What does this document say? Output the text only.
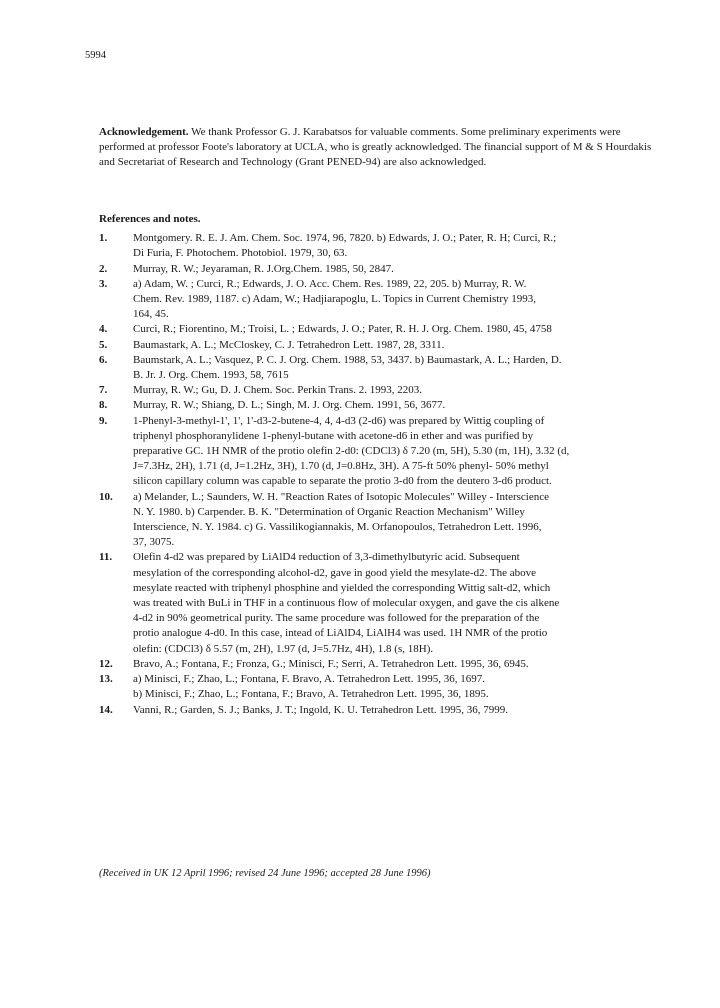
5994
Acknowledgement. We thank Professor G. J. Karabatsos for valuable comments. Some preliminary experiments were performed at professor Foote's laboratory at UCLA, who is greatly acknowledged. The financial support of M & S Hourdakis and Secretariat of Research and Technology (Grant PENED-94) are also acknowledged.
References and notes.
1.	Montgomery. R. E. J. Am. Chem. Soc. 1974, 96, 7820. b) Edwards, J. O.; Pater, R. H; Curci, R.;
Di Furia, F. Photochem. Photobiol. 1979, 30, 63.
2.	Murray, R. W.; Jeyaraman, R. J.Org.Chem. 1985, 50, 2847.
3.	a) Adam, W. ; Curci, R.; Edwards, J. O. Acc. Chem. Res. 1989, 22, 205. b) Murray, R. W.
Chem. Rev. 1989, 1187. c) Adam, W.; Hadjiarapoglu, L. Topics in Current Chemistry 1993,
164, 45.
4.	Curci, R.; Fiorentino, M.; Troisi, L. ; Edwards, J. O.; Pater, R. H. J. Org. Chem. 1980, 45, 4758
5.	Baumastark, A. L.; McCloskey, C. J. Tetrahedron Lett. 1987, 28, 3311.
6.	Baumstark, A. L.; Vasquez, P. C. J. Org. Chem. 1988, 53, 3437. b) Baumastark, A. L.; Harden, D.
B. Jr. J. Org. Chem. 1993, 58, 7615
7.	Murray, R. W.; Gu, D. J. Chem. Soc. Perkin Trans. 2. 1993, 2203.
8.	Murray, R. W.; Shiang, D. L.; Singh, M. J. Org. Chem. 1991, 56, 3677.
9.	1-Phenyl-3-methyl-1', 1', 1'-d3-2-butene-4, 4, 4-d3 (2-d6) was prepared by Wittig coupling of
triphenyl phosphoranylidene 1-phenyl-butane with acetone-d6 in ether and was purified by
preparative GC. 1H NMR of the protio olefin 2-d0: (CDCl3) δ 7.20 (m, 5H), 5.30 (m, 1H), 3.32 (d,
J=7.3Hz, 2H), 1.71 (d, J=1.2Hz, 3H), 1.70 (d, J=0.8Hz, 3H). A 75-ft 50% phenyl- 50% methyl
silicon capillary column was capable to separate the protio 3-d0 from the deutero 3-d6 product.
10.	a) Melander, L.; Saunders, W. H. "Reaction Rates of Isotopic Molecules" Willey - Interscience
N. Y. 1980. b) Carpender. B. K. "Determination of Organic Reaction Mechanism" Willey
Interscience, N. Y. 1984. c) G. Vassilikogiannakis, M. Orfanopoulos, Tetrahedron Lett. 1996,
37, 3075.
11.	Olefin 4-d2 was prepared by LiAlD4 reduction of 3,3-dimethylbutyric acid. Subsequent
mesylation of the corresponding alcohol-d2, gave in good yield the mesylate-d2. The above
mesylate reacted with triphenyl phosphine and yielded the corresponding Wittig salt-d2, which
was treated with BuLi in THF in a continuous flow of molecular oxygen, and gave the cis alkene
4-d2 in 90% geometrical purity. The same procedure was followed for the preparation of the
protio analogue 4-d0. In this case, intead of LiAlD4, LiAlH4 was used. 1H NMR of the protio
olefin: (CDCl3) δ 5.57 (m, 2H), 1.97 (d, J=5.7Hz, 4H), 1.8 (s, 18H).
12.	Bravo, A.; Fontana, F.; Fronza, G.; Minisci, F.; Serri, A. Tetrahedron Lett. 1995, 36, 6945.
13.	a) Minisci, F.; Zhao, L.; Fontana, F. Bravo, A. Tetrahedron Lett. 1995, 36, 1697.
b) Minisci, F.; Zhao, L.; Fontana, F.; Bravo, A. Tetrahedron Lett. 1995, 36, 1895.
14.	Vanni, R.; Garden, S. J.; Banks, J. T.; Ingold, K. U. Tetrahedron Lett. 1995, 36, 7999.
(Received in UK 12 April 1996; revised 24 June 1996; accepted 28 June 1996)
